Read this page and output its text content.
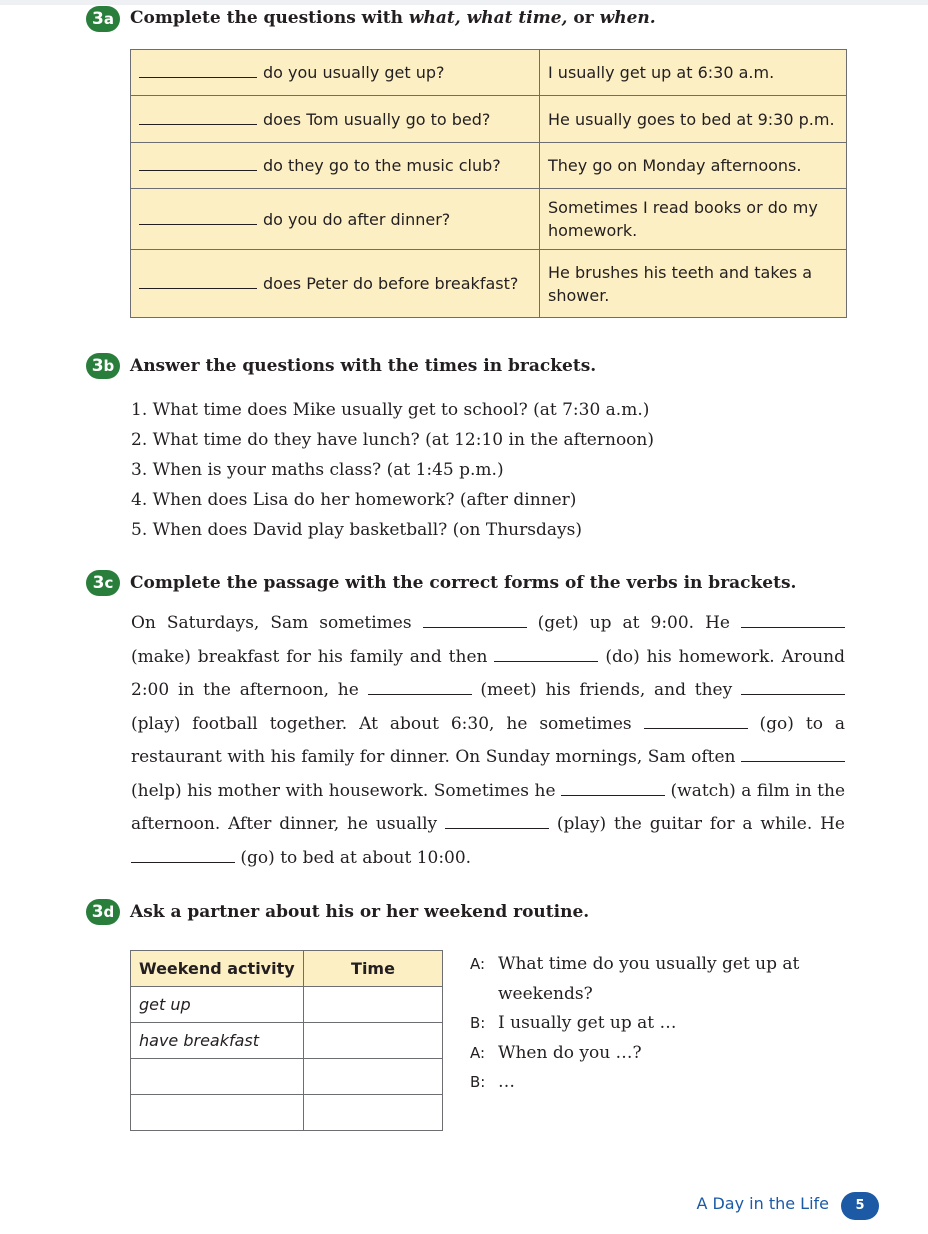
3a Complete the questions with what, what time, or when.
do you usually get up?	I usually get up at 6:30 a.m.
does Tom usually go to bed?	He usually goes to bed at 9:30 p.m.
do they go to the music club?	They go on Monday afternoons.
do you do after dinner?	Sometimes I read books or do my homework.
does Peter do before breakfast?	He brushes his teeth and takes a shower.
3b Answer the questions with the times in brackets.
1. What time does Mike usually get to school? (at 7:30 a.m.)
2. What time do they have lunch? (at 12:10 in the afternoon)
3. When is your maths class? (at 1:45 p.m.)
4. When does Lisa do her homework? (after dinner)
5. When does David play basketball? (on Thursdays)
3c Complete the passage with the correct forms of the verbs in brackets.

On Saturdays, Sam sometimes	(get) up at 9:00. He  (make) breakfast for his family and then	(do) his homework. Around 2:00 in the afternoon, he	(meet) his friends, and they  (play) football together. At about 6:30, he sometimes	(go) to a restaurant with his family for dinner. On Sunday mornings, Sam often  (help) his mother with housework. Sometimes he	(watch) a film in the afternoon. After dinner, he usually	(play) the guitar for a while. He  (go) to bed at about 10:00.

3d Ask a partner about his or her weekend routine.
Weekend activity	Time
get up	
have breakfast	

A: What time do you usually get up at weekends?
B: I usually get up at …
A: When do you …?
B: …
A Day in the Life	5
